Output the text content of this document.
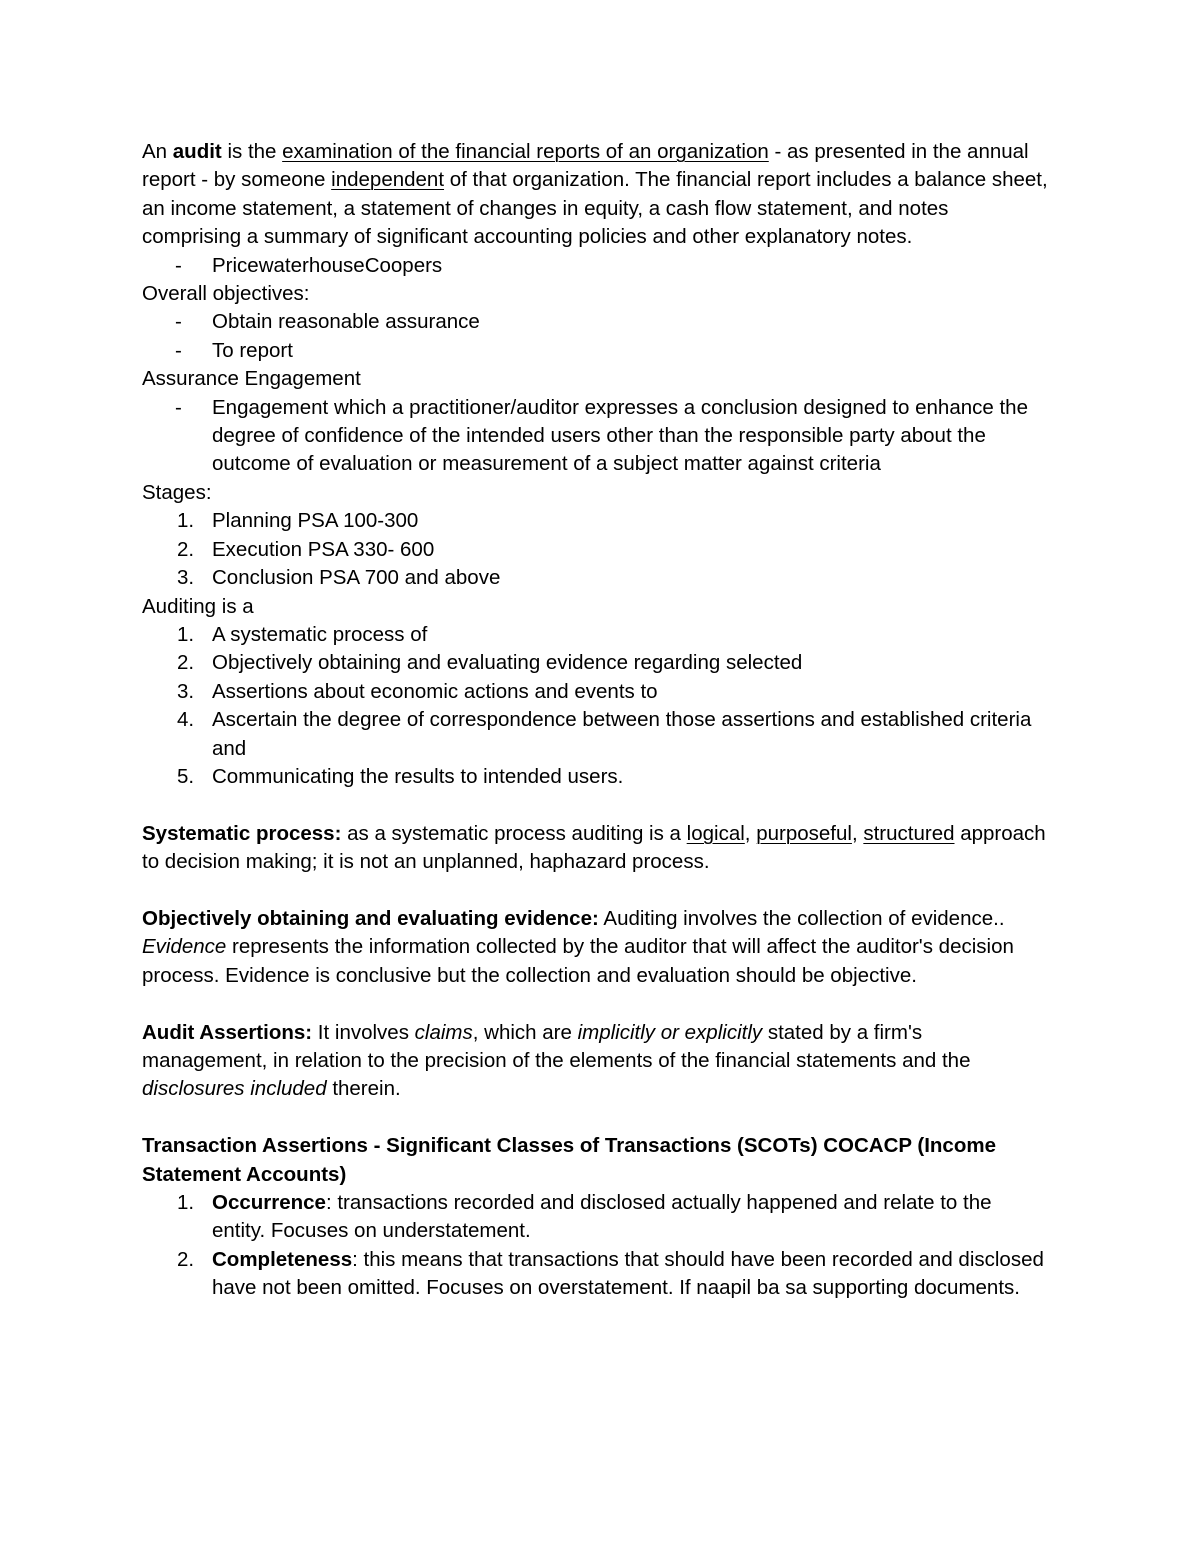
An audit is the examination of the financial reports of an organization - as presented in the annual report - by someone independent of that organization. The financial report includes a balance sheet, an income statement, a statement of changes in equity, a cash flow statement, and notes comprising a summary of significant accounting policies and other explanatory notes.

- PricewaterhouseCoopers

Overall objectives:

- Obtain reasonable assurance
- To report

Assurance Engagement

- Engagement which a practitioner/auditor expresses a conclusion designed to enhance the degree of confidence of the intended users other than the responsible party about the outcome of evaluation or measurement of a subject matter against criteria

Stages:

1. Planning PSA 100-300
2. Execution PSA 330- 600
3. Conclusion PSA 700 and above

Auditing is a

1. A systematic process of
2. Objectively obtaining and evaluating evidence regarding selected
3. Assertions about economic actions and events to
4. Ascertain the degree of correspondence between those assertions and established criteria and
5. Communicating the results to intended users.

Systematic process: as a systematic process auditing is a logical, purposeful, structured approach to decision making; it is not an unplanned, haphazard process.

Objectively obtaining and evaluating evidence: Auditing involves the collection of evidence.. Evidence represents the information collected by the auditor that will affect the auditor's decision process. Evidence is conclusive but the collection and evaluation should be objective.

Audit Assertions: It involves claims, which are implicitly or explicitly stated by a firm's management, in relation to the precision of the elements of the financial statements and the disclosures included therein.

Transaction Assertions - Significant Classes of Transactions (SCOTs) COCACP (Income Statement Accounts)

1. Occurrence: transactions recorded and disclosed actually happened and relate to the entity. Focuses on understatement.
2. Completeness: this means that transactions that should have been recorded and disclosed have not been omitted. Focuses on overstatement. If naapil ba sa supporting documents.
